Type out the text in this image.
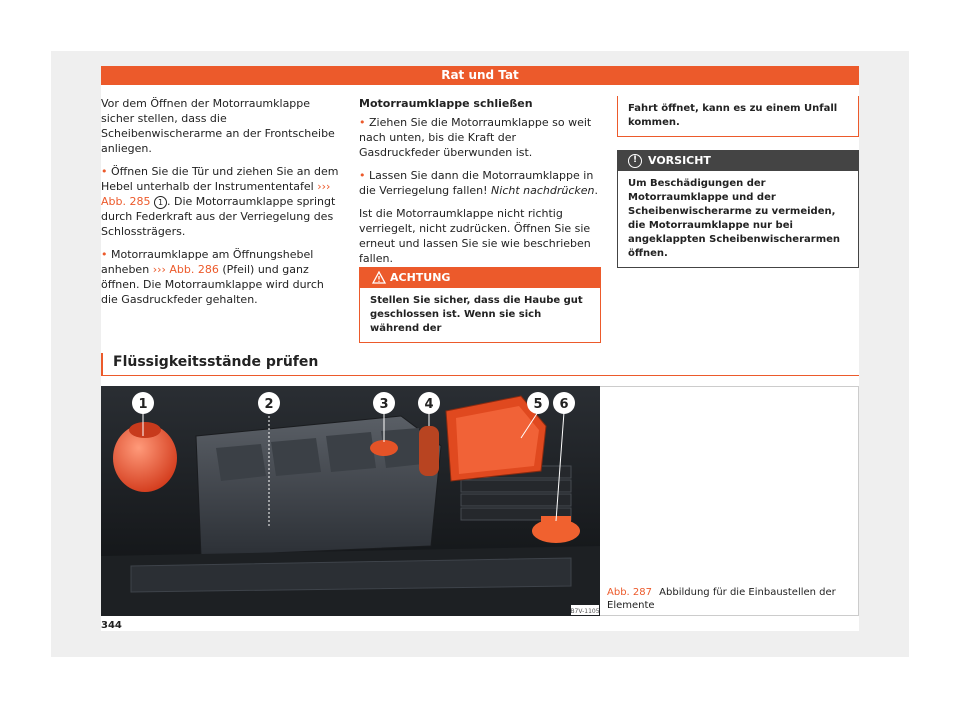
Rat und Tat

Vor dem Öffnen der Motorraumklappe sicher stellen, dass die Scheibenwischerarme an der Frontscheibe anliegen.

• Öffnen Sie die Tür und ziehen Sie an dem Hebel unterhalb der Instrumententafel ››› Abb. 285 1 . Die Motorraumklappe springt durch Federkraft aus der Verriegelung des Schlossträgers.

• Motorraumklappe am Öffnungshebel anheben ››› Abb. 286 (Pfeil) und ganz öffnen. Die Motorraumklappe wird durch die Gasdruckfeder gehalten.

Motorraumklappe schließen

• Ziehen Sie die Motorraumklappe so weit nach unten, bis die Kraft der Gasdruckfeder überwunden ist.

• Lassen Sie dann die Motorraumklappe in die Verriegelung fallen! Nicht nachdrücken.

Ist die Motorraumklappe nicht richtig verriegelt, nicht zudrücken. Öffnen Sie sie erneut und lassen Sie sie wie beschrieben fallen.

ACHTUNG
Stellen Sie sicher, dass die Haube gut geschlossen ist. Wenn sie sich während der
Fahrt öffnet, kann es zu einem Unfall kommen.
! VORSICHT
Um Beschädigungen der Motorraumklappe und der Scheibenwischerarme zu vermeiden, die Motorraumklappe nur bei angeklappten Scheibenwischerarmen öffnen.
Flüssigkeitsstände prüfen
1	2	3	4	5 6
B7V-1105
Abb. 287 Abbildung für die Einbaustellen der Elemente
344
